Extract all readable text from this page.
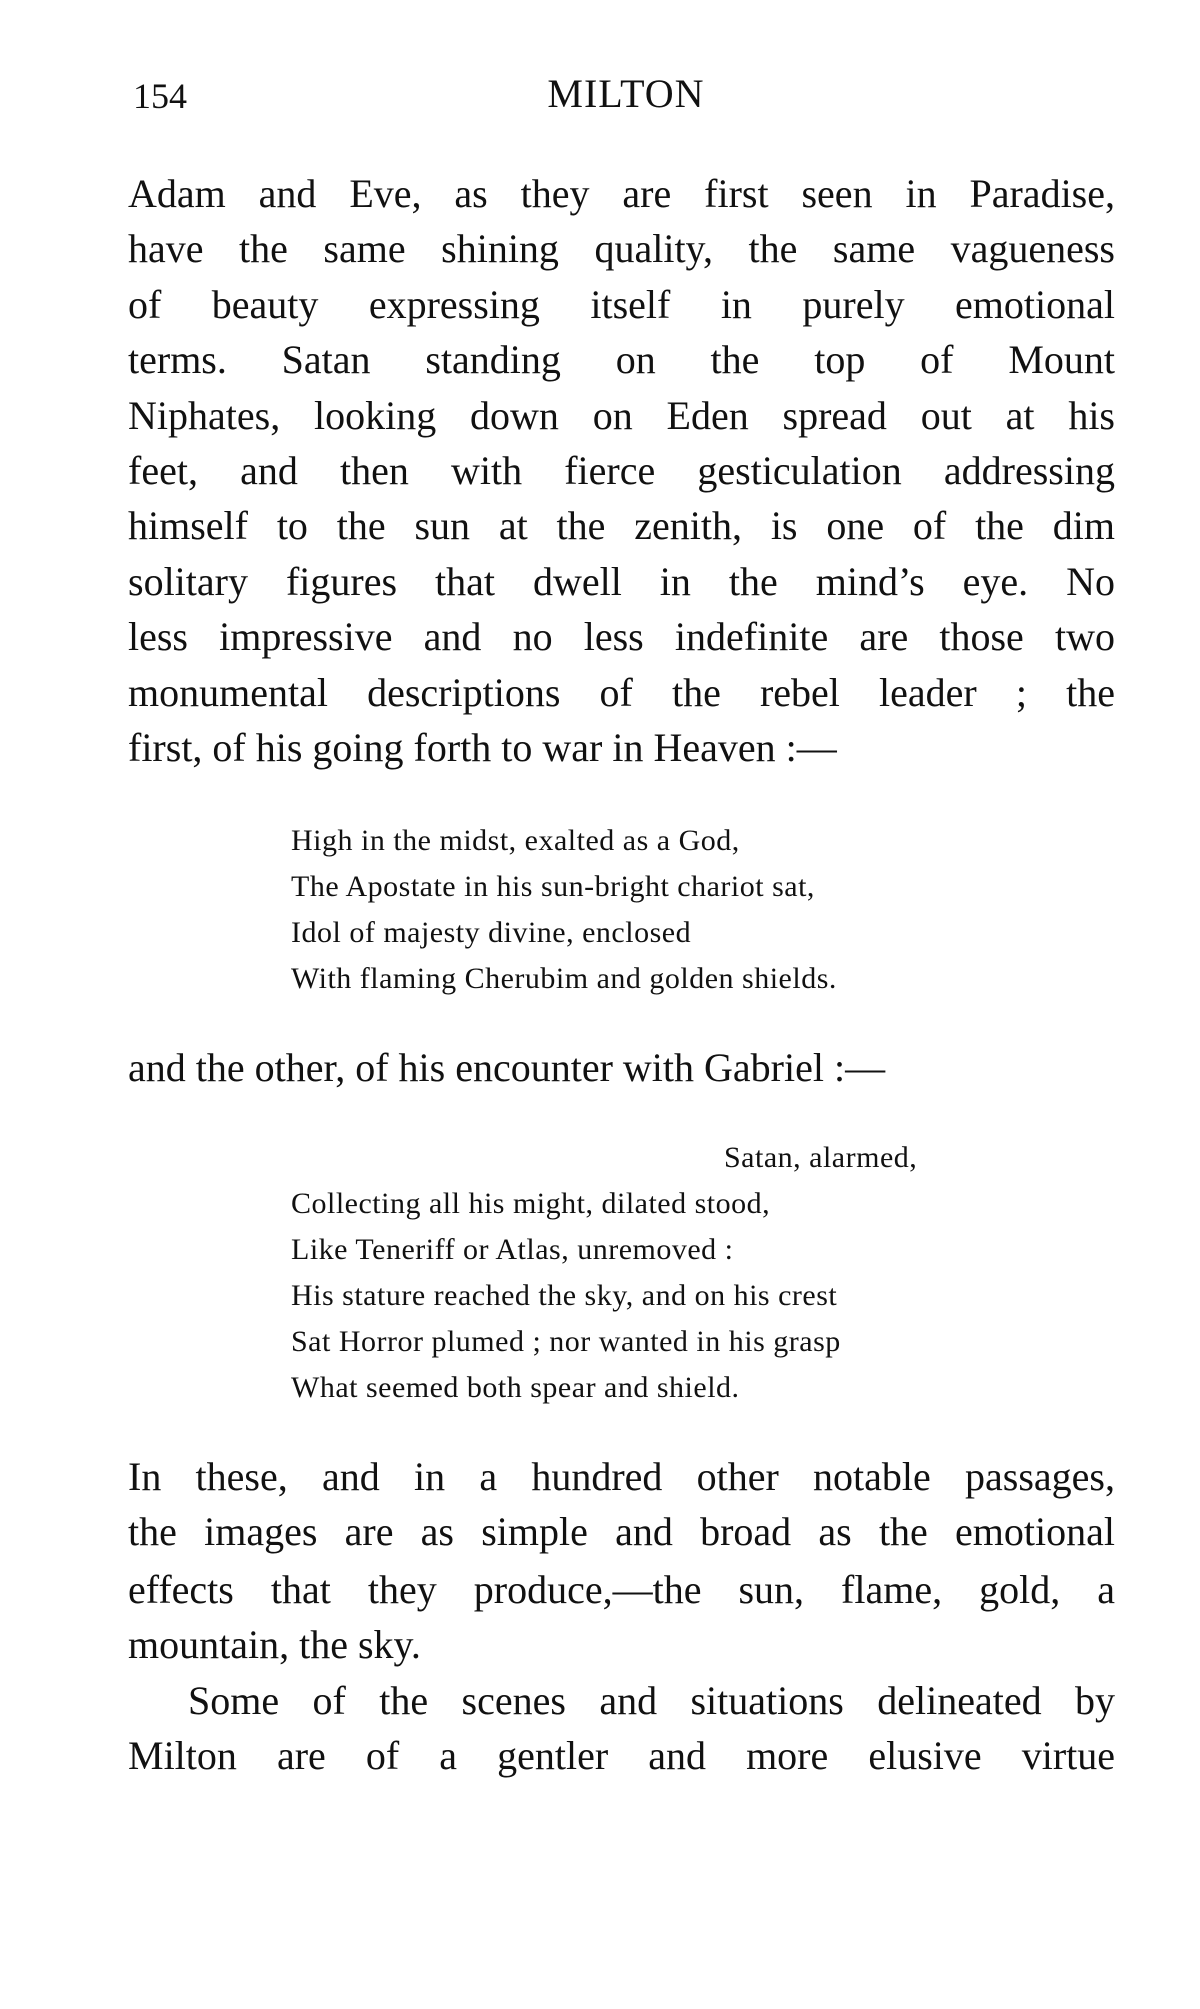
154	MILTON
Adam and Eve, as they are first seen in Paradise,
have the same shining quality, the same vagueness
of beauty expressing itself in purely emotional
terms. Satan standing on the top of Mount
Niphates, looking down on Eden spread out at his
feet, and then with fierce gesticulation addressing
himself to the sun at the zenith, is one of the dim
solitary figures that dwell in the mind’s eye. No
less impressive and no less indefinite are those two
monumental descriptions of the rebel leader ; the
first, of his going forth to war in Heaven :—
High in the midst, exalted as a God,
The Apostate in his sun-bright chariot sat,
Idol of majesty divine, enclosed
With flaming Cherubim and golden shields.
and the other, of his encounter with Gabriel :—
Satan, alarmed,
Collecting all his might, dilated stood,
Like Teneriff or Atlas, unremoved :
His stature reached the sky, and on his crest
Sat Horror plumed ; nor wanted in his grasp
What seemed both spear and shield.
In these, and in a hundred other notable passages,
the images are as simple and broad as the emotional
effects that they produce,—the sun, flame, gold, a
mountain, the sky.
Some of the scenes and situations delineated by
Milton are of a gentler and more elusive virtue
